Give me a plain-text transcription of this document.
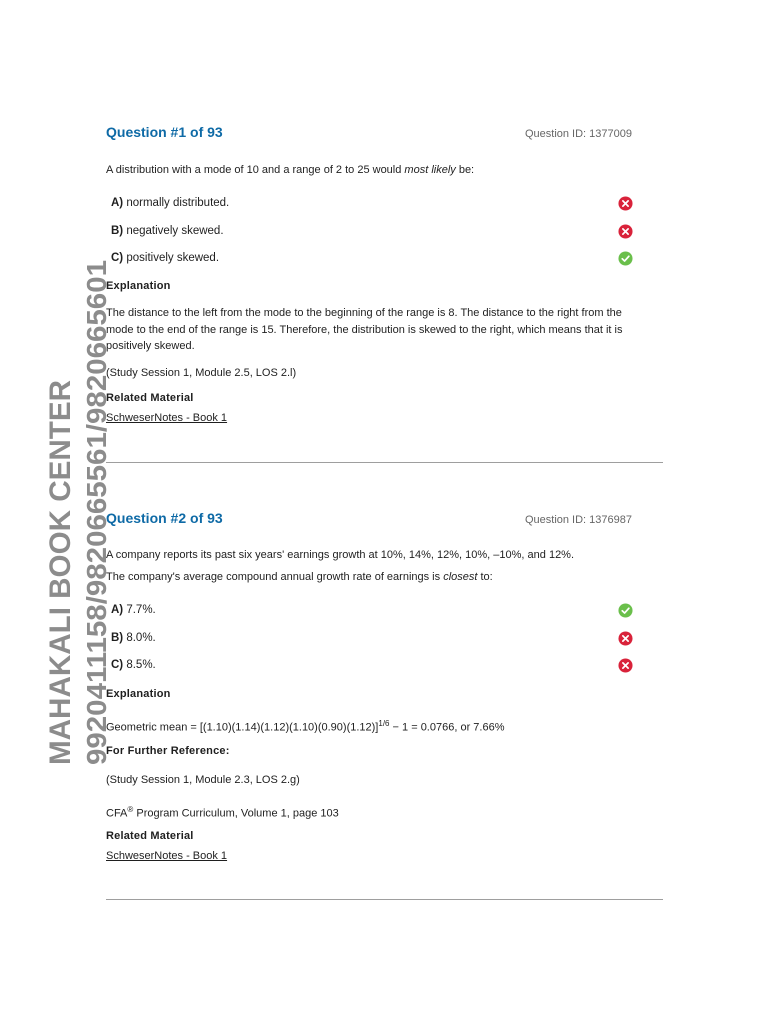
MAHAKALI BOOK CENTER 9920411158/9820665561/9820665601
Question #1 of 93	Question ID: 1377009

A distribution with a mode of 10 and a range of 2 to 25 would most likely be:

A) normally distributed.
B) negatively skewed.
C) positively skewed.
Explanation

The distance to the left from the mode to the beginning of the range is 8. The distance to the right from the mode to the end of the range is 15. Therefore, the distribution is skewed to the right, which means that it is positively skewed.

(Study Session 1, Module 2.5, LOS 2.l)

Related Material
SchweserNotes - Book 1
Question #2 of 93	Question ID: 1376987

A company reports its past six years' earnings growth at 10%, 14%, 12%, 10%, –10%, and 12%.

The company's average compound annual growth rate of earnings is closest to:

A) 7.7%.
B) 8.0%.
C) 8.5%.
Explanation

Geometric mean = $[(1.10)(1.14)(1.12)(1.10)(0.90)(1.12)]^{1/6} - 1 = 0.0766$, or 7.66%

For Further Reference:

(Study Session 1, Module 2.3, LOS 2.g)

CFA® Program Curriculum, Volume 1, page 103

Related Material
SchweserNotes - Book 1
